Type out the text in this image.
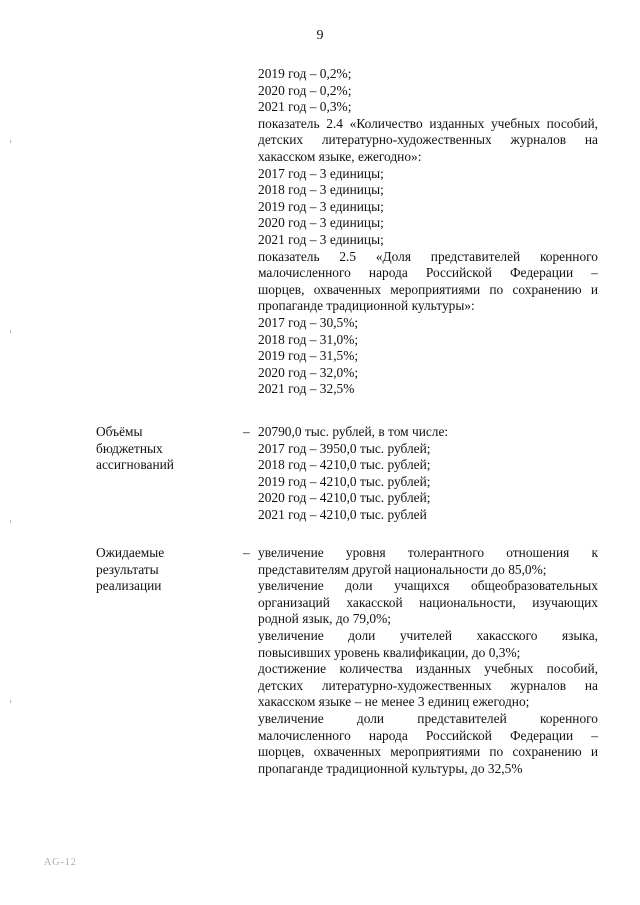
9
2019 год – 0,2%;
2020 год – 0,2%;
2021 год – 0,3%;
показатель 2.4 «Количество изданных учебных пособий,
детских литературно-художественных журналов на
хакасском языке, ежегодно»:
2017 год – 3 единицы;
2018 год – 3 единицы;
2019 год – 3 единицы;
2020 год – 3 единицы;
2021 год – 3 единицы;
показатель 2.5 «Доля представителей коренного
малочисленного народа Российской Федерации –
шорцев, охваченных мероприятиями по сохранению и
пропаганде традиционной культуры»:
2017 год – 30,5%;
2018 год – 31,0%;
2019 год – 31,5%;
2020 год – 32,0%;
2021 год – 32,5%
Объёмы
бюджетных
ассигнований
– 20790,0 тыс. рублей, в том числе:
2017 год – 3950,0 тыс. рублей;
2018 год – 4210,0 тыс. рублей;
2019 год – 4210,0 тыс. рублей;
2020 год – 4210,0 тыс. рублей;
2021 год – 4210,0 тыс. рублей
Ожидаемые
результаты
реализации
– увеличение уровня толерантного отношения к
представителям другой национальности до 85,0%;
увеличение доли учащихся общеобразовательных
организаций хакасской национальности, изучающих
родной язык, до 79,0%;
увеличение доли учителей хакасского языка,
повысивших уровень квалификации, до 0,3%;
достижение количества изданных учебных пособий,
детских литературно-художественных журналов на
хакасском языке – не менее 3 единиц ежегодно;
увеличение доли представителей коренного
малочисленного народа Российской Федерации –
шорцев, охваченных мероприятиями по сохранению и
пропаганде традиционной культуры, до 32,5%
AG-12
